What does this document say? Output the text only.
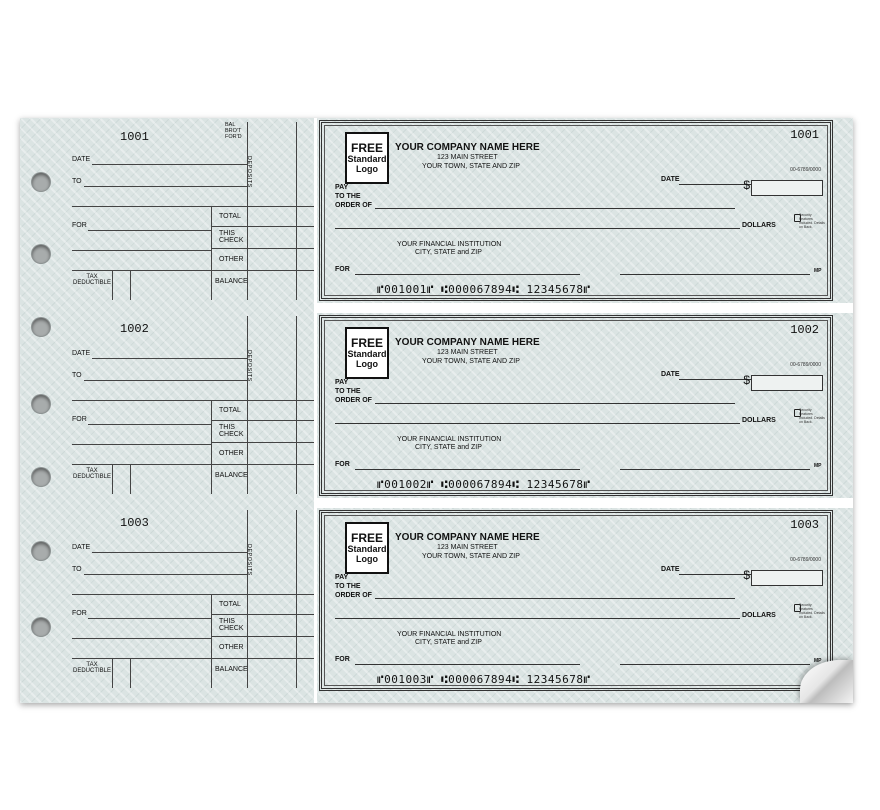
1001
DATE
TO
FOR
TAX
DEDUCTIBLE
BAL
BRO'T
FOR'D
DEPOSITS
TOTAL
THIS
CHECK
OTHER
BALANCE
1002
DATE
TO
FOR
TAX
DEDUCTIBLE
DEPOSITS
TOTAL
THIS
CHECK
OTHER
BALANCE
1003
DATE
TO
FOR
TAX
DEDUCTIBLE
DEPOSITS
TOTAL
THIS
CHECK
OTHER
BALANCE
FREE
Standard
Logo
YOUR COMPANY NAME HERE
123 MAIN STREET
YOUR TOWN, STATE AND ZIP
1001
00-6789/0000
DATE
PAY
TO THE
ORDER OF
$
DOLLARS
Security Features Included. Details on Back.
YOUR FINANCIAL INSTITUTION
CITY, STATE and ZIP
FOR	MP
⑈001001⑈ ⑆000067894⑆ 12345678⑈
FREE
Standard
Logo
YOUR COMPANY NAME HERE
123 MAIN STREET
YOUR TOWN, STATE AND ZIP
1002
00-6789/0000
DATE
PAY
TO THE
ORDER OF
$
DOLLARS
Security Features Included. Details on Back.
YOUR FINANCIAL INSTITUTION
CITY, STATE and ZIP
FOR	MP
⑈001002⑈ ⑆000067894⑆ 12345678⑈
FREE
Standard
Logo
YOUR COMPANY NAME HERE
123 MAIN STREET
YOUR TOWN, STATE AND ZIP
1003
00-6789/0000
DATE
PAY
TO THE
ORDER OF
$
DOLLARS
Security Features Included. Details on Back.
YOUR FINANCIAL INSTITUTION
CITY, STATE and ZIP
FOR	MP
⑈001003⑈ ⑆000067894⑆ 12345678⑈
